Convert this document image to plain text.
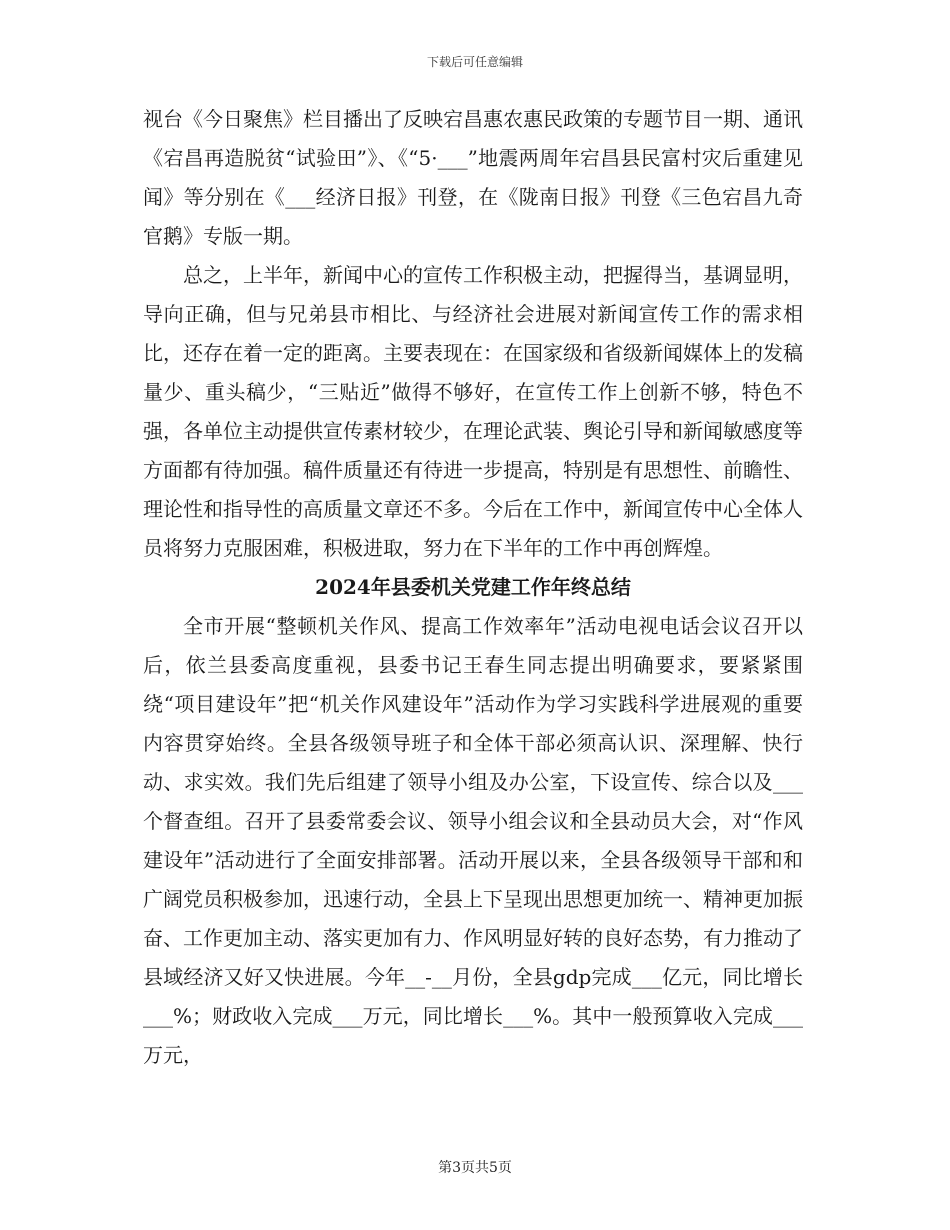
下载后可任意编辑

视台《今日聚焦》栏目播出了反映宕昌惠农惠民政策的专题节目一期、通讯《宕昌再造脱贫“试验田”》、《“5·___”地震两周年宕昌县民富村灾后重建见闻》等分别在《___经济日报》刊登，在《陇南日报》刊登《三色宕昌九奇官鹅》专版一期。

总之，上半年，新闻中心的宣传工作积极主动，把握得当，基调显明，导向正确，但与兄弟县市相比、与经济社会进展对新闻宣传工作的需求相比，还存在着一定的距离。主要表现在：在国家级和省级新闻媒体上的发稿量少、重头稿少，“三贴近”做得不够好，在宣传工作上创新不够，特色不强，各单位主动提供宣传素材较少，在理论武装、舆论引导和新闻敏感度等方面都有待加强。稿件质量还有待进一步提高，特别是有思想性、前瞻性、理论性和指导性的高质量文章还不多。今后在工作中，新闻宣传中心全体人员将努力克服困难，积极进取，努力在下半年的工作中再创辉煌。

2024年县委机关党建工作年终总结

全市开展“整顿机关作风、提高工作效率年”活动电视电话会议召开以后，依兰县委高度重视，县委书记王春生同志提出明确要求，要紧紧围绕“项目建设年”把“机关作风建设年”活动作为学习实践科学进展观的重要内容贯穿始终。全县各级领导班子和全体干部必须高认识、深理解、快行动、求实效。我们先后组建了领导小组及办公室，下设宣传、综合以及___个督查组。召开了县委常委会议、领导小组会议和全县动员大会，对“作风建设年”活动进行了全面安排部署。活动开展以来，全县各级领导干部和和广阔党员积极参加，迅速行动，全县上下呈现出思想更加统一、精神更加振奋、工作更加主动、落实更加有力、作风明显好转的良好态势，有力推动了县域经济又好又快进展。今年__-__月份，全县gdp完成___亿元，同比增长___%；财政收入完成___万元，同比增长___%。其中一般预算收入完成___万元，

第3页共5页
